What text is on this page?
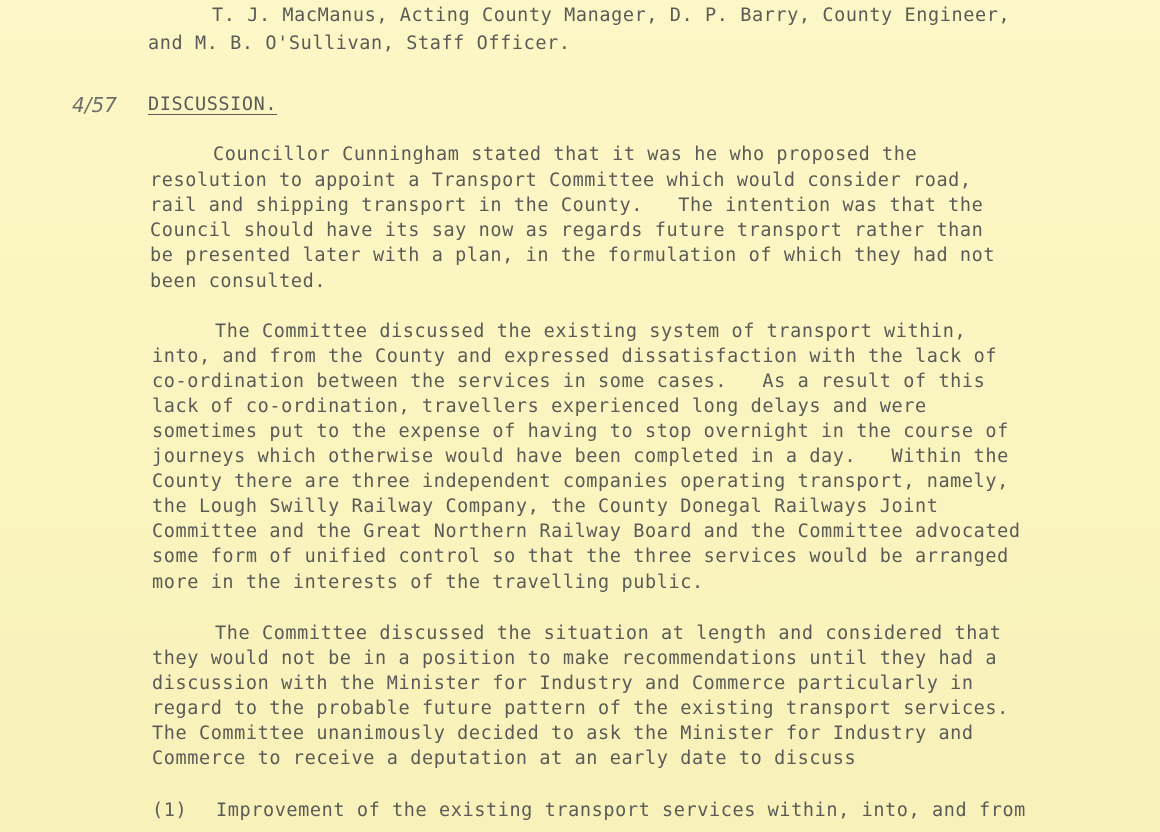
T. J. MacManus, Acting County Manager, D. P. Barry, County Engineer,
and M. B. O'Sullivan, Staff Officer.
4/57 DISCUSSION.
Councillor Cunningham stated that it was he who proposed the
resolution to appoint a Transport Committee which would consider road,
rail and shipping transport in the County.   The intention was that the
Council should have its say now as regards future transport rather than
be presented later with a plan, in the formulation of which they had not
been consulted.
The Committee discussed the existing system of transport within,
into, and from the County and expressed dissatisfaction with the lack of
co-ordination between the services in some cases.   As a result of this
lack of co-ordination, travellers experienced long delays and were
sometimes put to the expense of having to stop overnight in the course of
journeys which otherwise would have been completed in a day.   Within the
County there are three independent companies operating transport, namely,
the Lough Swilly Railway Company, the County Donegal Railways Joint
Committee and the Great Northern Railway Board and the Committee advocated
some form of unified control so that the three services would be arranged
more in the interests of the travelling public.
The Committee discussed the situation at length and considered that
they would not be in a position to make recommendations until they had a
discussion with the Minister for Industry and Commerce particularly in
regard to the probable future pattern of the existing transport services.
The Committee unanimously decided to ask the Minister for Industry and
Commerce to receive a deputation at an early date to discuss
(1) Improvement of the existing transport services within, into, and from
